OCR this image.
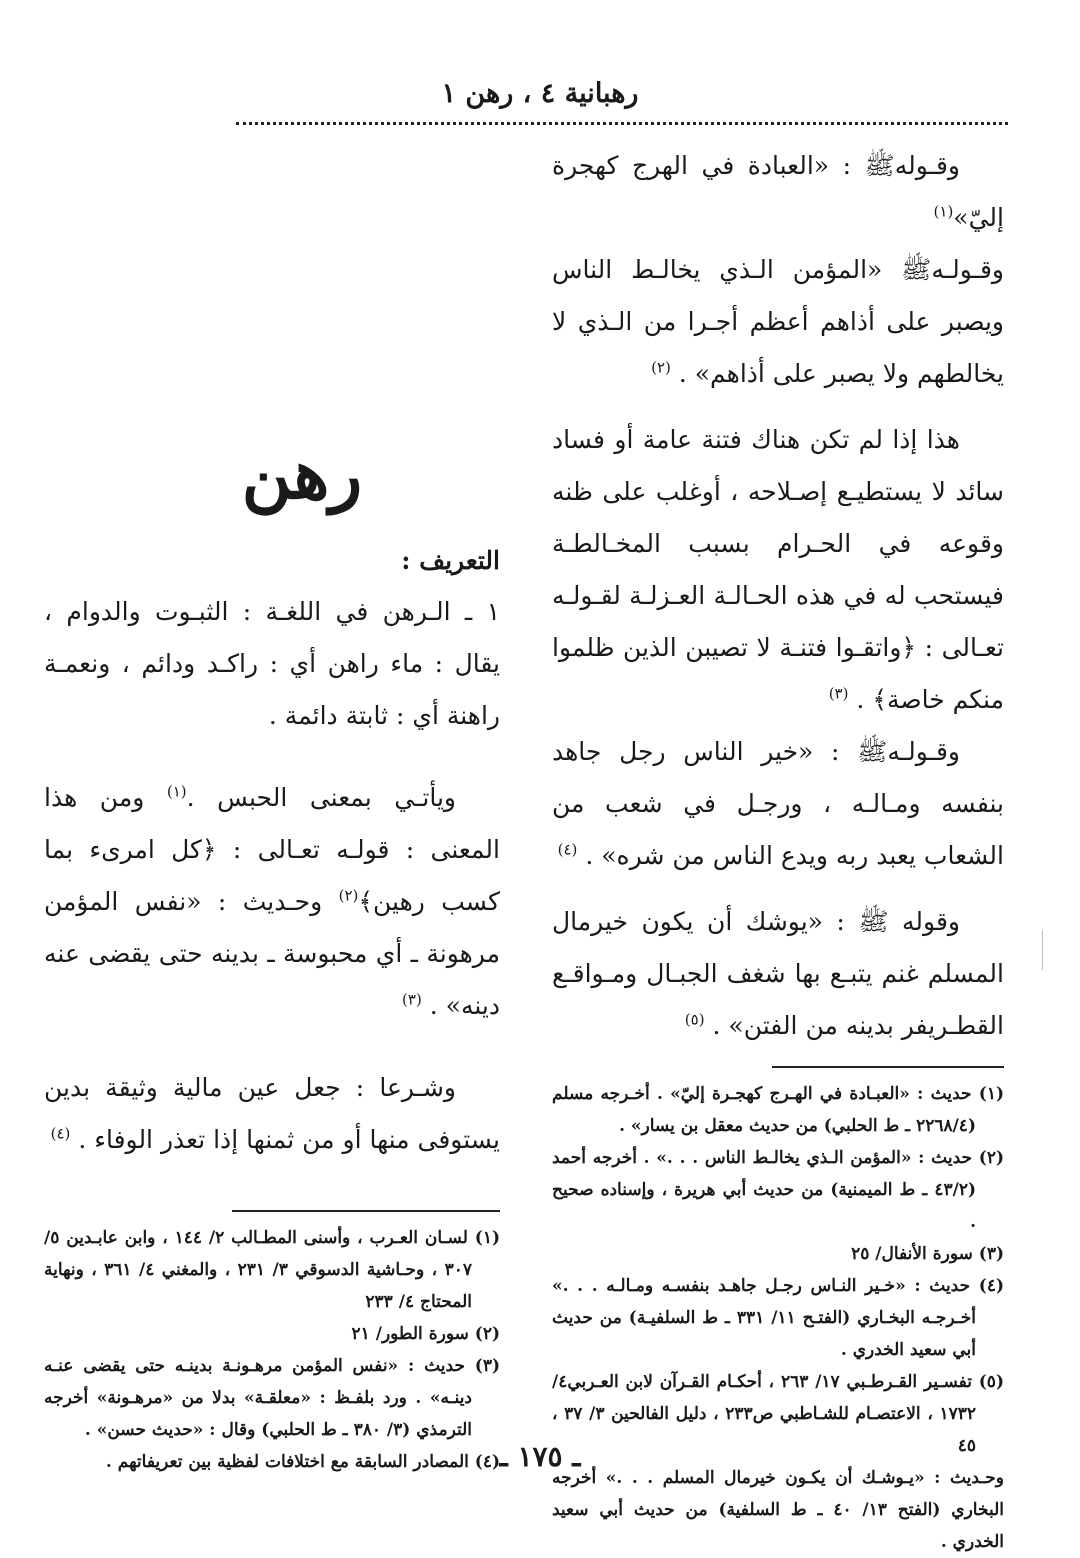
رهبانية ٤ ، رهن ١

وقـولهﷺ : «العبادة في الهرج كهجرة إليّ»$^{(١)}$

وقـولـهﷺ «المؤمن الـذي يخالـط الناس ويصبر على أذاهم أعظم أجـرا من الـذي لا يخالطهم ولا يصبر على أذاهم» . $^{(٢)}$

هذا إذا لم تكن هناك فتنة عامة أو فساد سائد لا يستطيـع إصـلاحه ، أوغلب على ظنه وقوعه في الحـرام بسبب المخـالطـة فيستحب له في هذه الحـالـة العـزلـة لقـولـه تعـالى : ﴿واتقـوا فتنـة لا تصيبن الذين ظلموا منكم خاصة﴾ . $^{(٣)}$

وقـولـهﷺ : «خير الناس رجل جاهد بنفسه ومـالـه ، ورجـل في شعب من الشعاب يعبد ربه ويدع الناس من شره» . $^{(٤)}$

وقوله ﷺ : «يوشك أن يكون خيرمال المسلم غنم يتبـع بها شغف الجبـال ومـواقـع القطـريفر بدينه من الفتن» . $^{(٥)}$

(١) حديث : «العبـادة في الهـرج كهجـرة إليّ» . أخـرجه مسلم (٢٢٦٨/٤ ـ ط الحلبي) من حديث معقل بن يسار» .

(٢) حديث : «المؤمن الـذي يخالـط الناس . . .» . أخرجه أحمد (٤٣/٢ ـ ط الميمنية) من حديث أبي هريرة ، وإسناده صحيح .

(٣) سورة الأنفال/ ٢٥

(٤) حديث : «خـير النـاس رجـل جاهـد بنفسـه ومـالـه . . .» أخـرجـه البخـاري (الفتـح ١١/ ٣٣١ ـ ط السلفيـة) من حديث أبي سعيد الخدري .

(٥) تفسـير القـرطـبي ١٧/ ٢٦٣ ، أحكـام القـرآن لابن العـربي٤/ ١٧٣٢ ، الاعتصـام للشـاطبي ص٢٣٣ ، دليل الفالحين ٣/ ٣٧ ، ٤٥

وحـديث : «يـوشـك أن يكـون خيرمال المسلم . . .» أخرجه البخاري (الفتح ١٣/ ٤٠ ـ ط السلفية) من حديث أبي سعيد الخدري .

رهن

التعريف :

١ ـ الـرهن في اللغـة : الثبـوت والدوام ، يقال : ماء راهن أي : راكـد ودائم ، ونعمـة راهنة أي : ثابتة دائمة .

ويأتـي بمعنى الحبس .$^{(١)}$ ومن هذا المعنى : قولـه تعـالى : ﴿كل امرىء بما كسب رهين﴾$^{(٢)}$ وحـديث : «نفس المؤمن مرهونة ـ أي محبوسة ـ بدينه حتى يقضى عنه دينه» . $^{(٣)}$

وشـرعا : جعل عين مالية وثيقة بدين يستوفى منها أو من ثمنها إذا تعذر الوفاء . $^{(٤)}$

(١) لسـان العـرب ، وأسنى المطـالب ٢/ ١٤٤ ، وابن عابـدين ٥/ ٣٠٧ ، وحـاشية الدسوقي ٣/ ٢٣١ ، والمغني ٤/ ٣٦١ ، ونهاية المحتاج ٤/ ٢٣٣

(٢) سورة الطور/ ٢١

(٣) حديث : «نفس المؤمن مرهـونـة بدينـه حتى يقضى عنـه دينـه» . ورد بلفـظ : «معلقـة» بدلا من «مرهـونة» أخرجه الترمذي (٣/ ٣٨٠ ـ ط الحلبي) وقال : «حديث حسن» .

(٤) المصادر السابقة مع اختلافات لفظية بين تعريفاتهم . ـ ١٧٥ ـ
